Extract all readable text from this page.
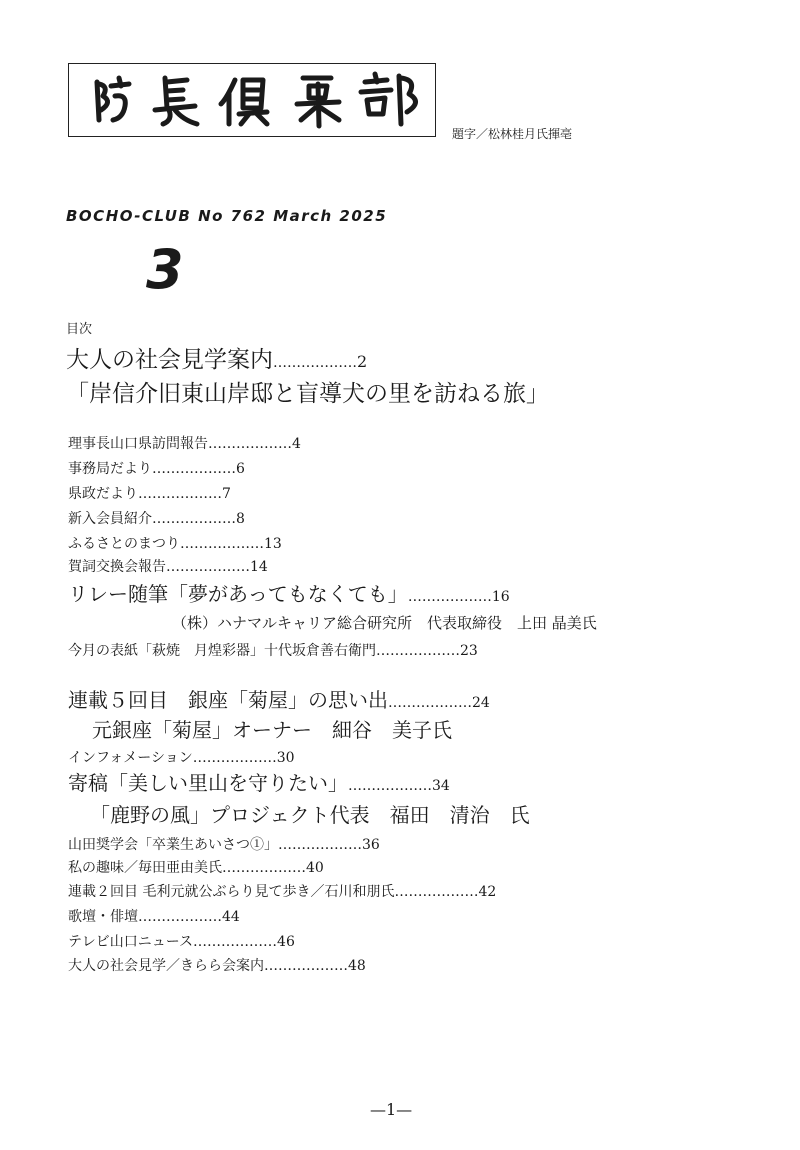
題字／松林桂月氏揮亳
BOCHO-CLUB No 762 March 2025
3
目次
大人の社会見学案内………………2
「岸信介旧東山岸邸と盲導犬の里を訪ねる旅」
理事長山口県訪問報告………………4
事務局だより………………6
県政だより………………7
新入会員紹介………………8
ふるさとのまつり………………13
賀詞交換会報告………………14
リレー随筆「夢があってもなくても」………………16
（株）ハナマルキャリア総合研究所　代表取締役　上田 晶美氏
今月の表紙「萩焼　月煌彩器」十代坂倉善右衛門………………23
連載５回目　銀座「菊屋」の思い出………………24
元銀座「菊屋」オーナー　細谷　美子氏
インフォメーション………………30
寄稿「美しい里山を守りたい」………………34
「鹿野の風」プロジェクト代表　福田　清治　氏
山田奨学会「卒業生あいさつ①」………………36
私の趣味／毎田亜由美氏………………40
連載２回目 毛利元就公ぶらり見て歩き／石川和朋氏………………42
歌壇・俳壇………………44
テレビ山口ニュース………………46
大人の社会見学／きらら会案内………………48
—1—
